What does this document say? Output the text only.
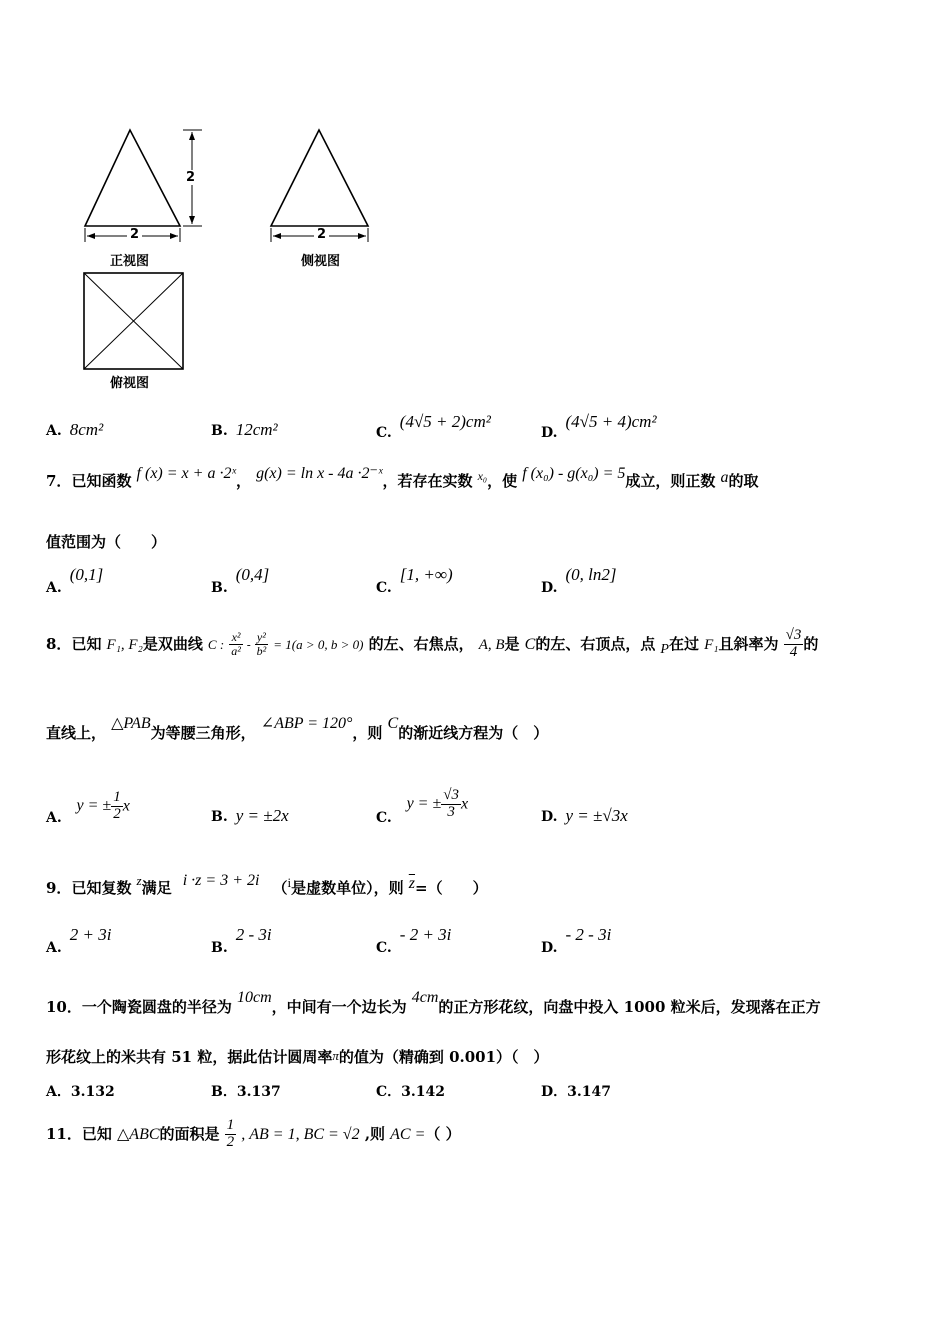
2
2	2
正视图	侧视图
俯视图
A. 8cm²	B. 12cm²	C.(4√5 + 2)cm²
D.(4√5 + 4)cm²
7．已知函数 f (x) = x + a ·2ˣ， g(x) = ln x - 4a ·2⁻ˣ，若存在实数 $^{x_0}$，使 f (x₀) - g(x₀) = 5成立，则正数 a的取
值范围为（　　）
A.(0,1]
B.(0,4]
C.[1, +∞)
D.(0, ln2]
8．已知 F₁, F₂是双曲线 C : $\frac{\text{x²}}{\text{a²}} - \frac{\text{y²}}{\text{b²}} = 1(a > 0$, b > 0) 的左、右焦点， A, B是 C的左、右顶点，点 P在过 F₁且斜率为 $\frac{√3}{4}$ 的
直线上， △PAB为等腰三角形， ∠ABP = 120°，则 C的渐近线方程为（　）
A. y = ± $\frac{1}{2}$ x
B. y = ±2x	C. y = ± $\frac{√3}{3}$ x
D. y = ±√3x
9．已知复数 $^z$满足 i ·z = 3 + 2i （$^i$是虚数单位），则 $\overline{z}=$（　　）
A.2 + 3i
B.2 - 3i
C.- 2 + 3i
D.- 2 - 3i
10．一个陶瓷圆盘的半径为 10cm，中间有一个边长为 4cm的正方形花纹，向盘中投入 1000 粒米后，发现落在正方
形花纹上的米共有 51 粒，据此估计圆周率π的值为（精确到 0.001）（　）
A．3.132	B．3.137	C．3.142	D．3.147
11．已知 △ABC的面积是 $\frac{1}{2}$ , AB = 1, BC = √2 ,则 AC =（ ）
